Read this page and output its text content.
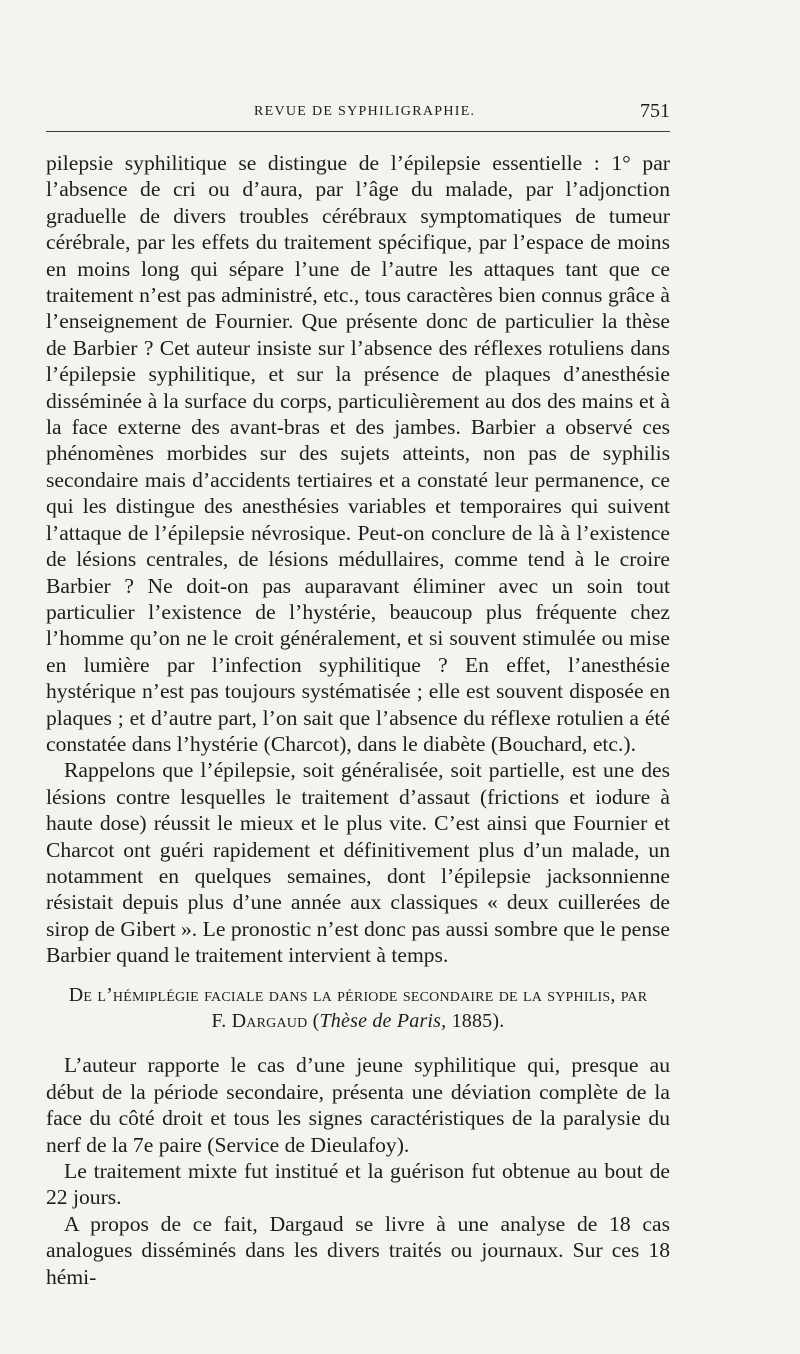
REVUE DE SYPHILIGRAPHIE.	751

pilepsie syphilitique se distingue de l’épilepsie essentielle : 1° par l’absence de cri ou d’aura, par l’âge du malade, par l’adjonction graduelle de divers troubles cérébraux symptomatiques de tumeur cérébrale, par les effets du traitement spécifique, par l’espace de moins en moins long qui sépare l’une de l’autre les attaques tant que ce traitement n’est pas administré, etc., tous caractères bien connus grâce à l’enseignement de Fournier. Que présente donc de particulier la thèse de Barbier ? Cet auteur insiste sur l’absence des réflexes rotuliens dans l’épilepsie syphilitique, et sur la présence de plaques d’anesthésie disséminée à la surface du corps, particulièrement au dos des mains et à la face externe des avant-bras et des jambes. Barbier a observé ces phénomènes morbides sur des sujets atteints, non pas de syphilis secondaire mais d’accidents tertiaires et a constaté leur permanence, ce qui les distingue des anesthésies variables et temporaires qui suivent l’attaque de l’épilepsie névrosique. Peut-on conclure de là à l’existence de lésions centrales, de lésions médullaires, comme tend à le croire Barbier ? Ne doit-on pas auparavant éliminer avec un soin tout particulier l’existence de l’hystérie, beaucoup plus fréquente chez l’homme qu’on ne le croit généralement, et si souvent stimulée ou mise en lumière par l’infection syphilitique ? En effet, l’anesthésie hystérique n’est pas toujours systématisée ; elle est souvent disposée en plaques ; et d’autre part, l’on sait que l’absence du réflexe rotulien a été constatée dans l’hystérie (Charcot), dans le diabète (Bouchard, etc.).

Rappelons que l’épilepsie, soit généralisée, soit partielle, est une des lésions contre lesquelles le traitement d’assaut (frictions et iodure à haute dose) réussit le mieux et le plus vite. C’est ainsi que Fournier et Charcot ont guéri rapidement et définitivement plus d’un malade, un notamment en quelques semaines, dont l’épilepsie jacksonnienne résistait depuis plus d’une année aux classiques « deux cuillerées de sirop de Gibert ». Le pronostic n’est donc pas aussi sombre que le pense Barbier quand le traitement intervient à temps.

De l’hémiplégie faciale dans la période secondaire de la syphilis, par
F. Dargaud (Thèse de Paris, 1885).

L’auteur rapporte le cas d’une jeune syphilitique qui, presque au début de la période secondaire, présenta une déviation complète de la face du côté droit et tous les signes caractéristiques de la paralysie du nerf de la 7e paire (Service de Dieulafoy).

Le traitement mixte fut institué et la guérison fut obtenue au bout de 22 jours.

A propos de ce fait, Dargaud se livre à une analyse de 18 cas analogues disséminés dans les divers traités ou journaux. Sur ces 18 hémi-
